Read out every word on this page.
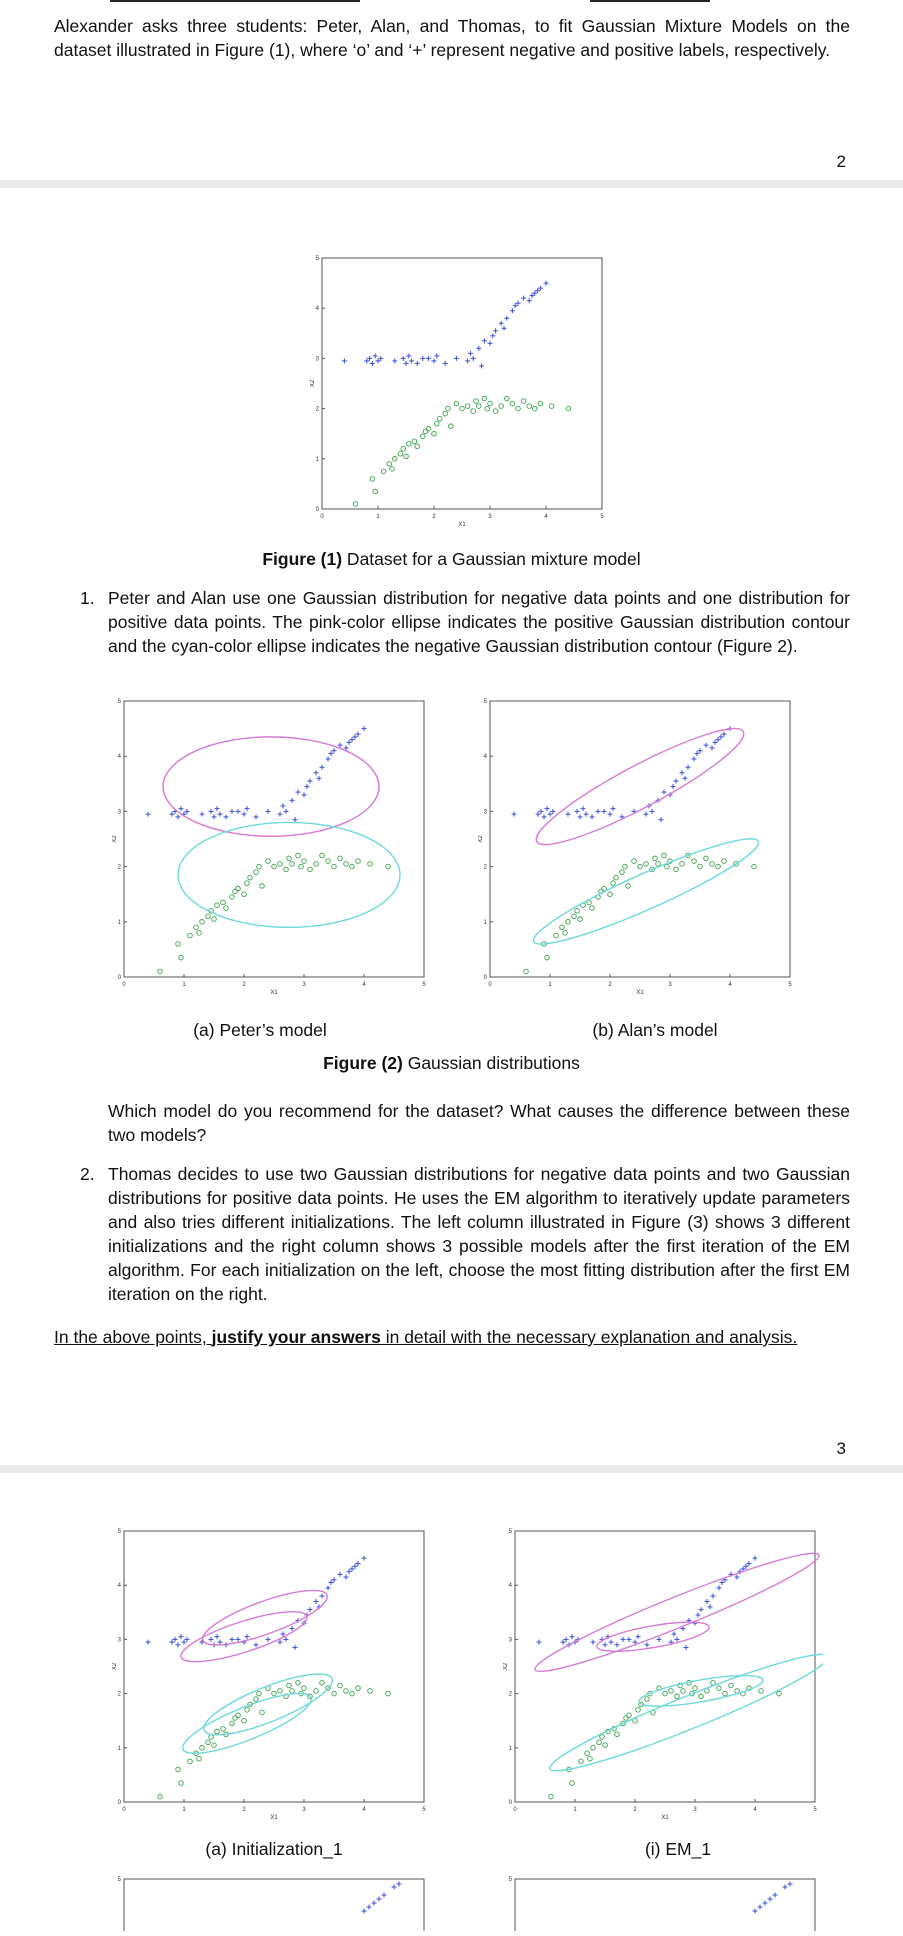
Alexander asks three students: Peter, Alan, and Thomas, to fit Gaussian Mixture Models on the dataset illustrated in Figure (1), where ‘o’ and ‘+’ represent negative and positive labels, respectively.
2
0	1	2	3	4	5
0
1
2
3
4
5
X1
X2
Figure (1) Dataset for a Gaussian mixture model
1. Peter and Alan use one Gaussian distribution for negative data points and one distribution for positive data points. The pink-color ellipse indicates the positive Gaussian distribution contour and the cyan-color ellipse indicates the negative Gaussian distribution contour (Figure 2).
0	1	2	3	4	5
0
1
2
3
4
5
X1
X2
0	1	2	3	4	5
0
1
2
3
4
5
X1
X2
(a) Peter’s model	(b) Alan’s model
Figure (2) Gaussian distributions
Which model do you recommend for the dataset? What causes the difference between these two models?
2. Thomas decides to use two Gaussian distributions for negative data points and two Gaussian distributions for positive data points. He uses the EM algorithm to iteratively update parameters and also tries different initializations. The left column illustrated in Figure (3) shows 3 different initializations and the right column shows 3 possible models after the first iteration of the EM algorithm. For each initialization on the left, choose the most fitting distribution after the first EM iteration on the right.
In the above points, justify your answers in detail with the necessary explanation and analysis.
3
0	1	2	3	4	5
0
1
2
3
4
5
X1
X2
0	1	2	3	4	5
0
1
2
3
4
5
X1
X2
(a) Initialization_1	(i) EM_1
5	5
